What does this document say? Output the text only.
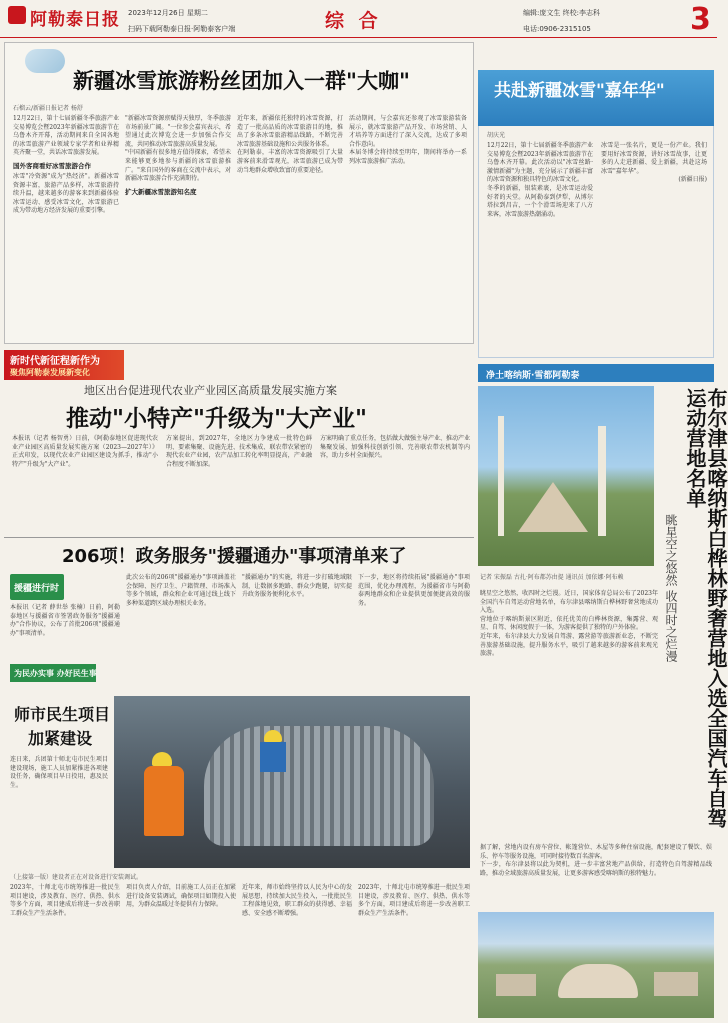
阿勒泰日报 2023年12月26日 星期二
扫码下载阿勒泰日报·阿勒泰客户端	综 合	编辑:庞文生 终校:李志科
电话:0906-2315105	3
新疆冰雪旅游粉丝团加入一群"大咖"
石榴云/新疆日报记者 杨舒

12月22日，第十七届新疆冬季旅游产业交易博览会暨2023年新疆冰雪旅游节在乌鲁木齐开幕，活动期间来自全国各地的冰雪旅游产业领域专家学者和业界精英齐聚一堂，共话冰雪旅游发展。

国外客商看好冰雪旅游合作

冰雪"冷资源"成为"热经济"。新疆冰雪资源丰富，旅游产品多样，冰雪旅游持续升温，越来越多的游客来到新疆体验冰雪运动、感受冰雪文化，冰雪旅游已成为带动地方经济发展的重要引擎。

"新疆冰雪资源禀赋得天独厚，冬季旅游市场前景广阔。"一位参会嘉宾表示，希望通过此次博览会进一步加强合作交流，共同推动冰雪旅游高质量发展。

"中国新疆有很多地方值得探索，希望未来能够更多地参与新疆的冰雪旅游推广。"来自国外的客商在交流中表示，对新疆冰雪旅游合作充满期待。

扩大新疆冰雪旅游知名度

近年来，新疆依托独特的冰雪资源，打造了一批高品质的冰雪旅游目的地，推出了多条冰雪旅游精品线路，不断完善冰雪旅游基础设施和公共服务体系。

在阿勒泰，丰富的冰雪资源吸引了大量游客前来滑雪观光，冰雪旅游已成为带动当地群众增收致富的重要途径。

活动期间，与会嘉宾还参观了冰雪旅游装备展示，就冰雪旅游产品开发、市场营销、人才培养等方面进行了深入交流，达成了多项合作意向。

本届冬博会将持续至明年，期间将举办一系列冰雪旅游推广活动。

共赴新疆冰雪"嘉年华"
胡庆光

12月22日，第十七届新疆冬季旅游产业交易博览会暨2023年新疆冰雪旅游节在乌鲁木齐开幕。此次活动以"冰雪丝路·激情新疆"为主题，充分展示了新疆丰富的冰雪资源和独具特色的冰雪文化。

冬季的新疆，银装素裹，是冰雪运动爱好者的天堂。从阿勒泰到伊犁，从博尔塔拉到昌吉，一个个滑雪场迎来了八方来客，冰雪旅游热潮涌动。

冰雪是一张名片，更是一份产业。我们要用好冰雪资源，讲好冰雪故事，让更多的人走进新疆、爱上新疆，共赴这场冰雪"嘉年华"。

(新疆日报)

新时代新征程新作为
聚焦阿勒泰发展新变化
地区出台促进现代农业产业园区高质量发展实施方案
推动"小特产"升级为"大产业"

本报讯（记者 杨智勇）日前，《阿勒泰地区促进现代农业产业园区高质量发展实施方案（2023—2027年）》正式印发，以现代农业产业园区建设为抓手，推动"小特产"升级为"大产业"。

方案提出，到2027年，全地区力争建成一批特色鲜明、要素集聚、设施先进、技术集成、联农带农紧密的现代农业产业园，农产品加工转化率明显提高，产业融合程度不断加深。

方案明确了重点任务，包括做大做强主导产业、推动产业集聚发展、加强科技创新引领、完善联农带农机制等内容，助力乡村全面振兴。

206项！政务服务"援疆通办"事项清单来了
援疆进行时

本报讯（记者 薛世举 张楠）日前，阿勒泰地区与援疆省市签署政务服务"援疆通办"合作协议，公布了首批206项"援疆通办"事项清单。

此次公布的206项"援疆通办"事项涵盖社会保障、医疗卫生、户籍管理、市场准入等多个领域，群众和企业可通过线上线下多种渠道跨区域办理相关业务。

"援疆通办"的实施，将进一步打破地域限制，让数据多跑路、群众少跑腿，切实提升政务服务便利化水平。

下一步，地区将持续拓展"援疆通办"事项范围，优化办理流程，为援疆省市与阿勒泰两地群众和企业提供更加便捷高效的服务。

为民办实事 办好民生事
师市民生项目
加紧建设

连日来，兵团第十师北屯市民生项目建设现场，施工人员加紧推进各项建设任务，确保项目早日投用，惠及民生。

（上接第一版）建设者正在对设备进行安装调试。

2023年，十师北屯市统筹推进一批民生项目建设，涉及教育、医疗、供热、供水等多个方面，项目建成后将进一步改善职工群众生产生活条件。

项目负责人介绍，目前施工人员正在加紧进行设备安装调试，确保项目如期投入使用，为群众温暖过冬提供有力保障。

近年来，师市始终坚持以人民为中心的发展思想，持续加大民生投入，一批批民生工程落地见效，职工群众的获得感、幸福感、安全感不断增强。

2023年，十师北屯市统筹推进一批民生项目建设，涉及教育、医疗、供热、供水等多个方面，项目建成后将进一步改善职工群众生产生活条件。

净土喀纳斯·雪都阿勒泰
布尔津县喀纳斯白桦林野奢营地入选全国汽车自驾运动营地名单
眺星空之悠然 收四时之烂漫
记者 宋振磊 古扎·阿布都苏由提 通讯员 加依娜·阿布赖

眺星空之悠然，收四时之烂漫。近日，国家体育总局公布了2023年全国汽车自驾运动营地名单，布尔津县喀纳斯白桦林野奢营地成功入选。

营地位于喀纳斯景区附近，依托优美的白桦林资源，集露营、观星、自驾、休闲度假于一体，为游客提供了独特的户外体验。

近年来，布尔津县大力发展自驾游、露营游等旅游新业态，不断完善旅游基础设施，提升服务水平，吸引了越来越多的游客前来观光旅游。

据了解，营地内设有房车营位、帐篷营位、木屋等多种住宿设施，配套建设了餐饮、娱乐、停车等服务设施，可同时接待数百名游客。

下一步，布尔津县将以此为契机，进一步丰富营地产品供给，打造特色自驾游精品线路，推动全域旅游高质量发展，让更多游客感受喀纳斯的独特魅力。
